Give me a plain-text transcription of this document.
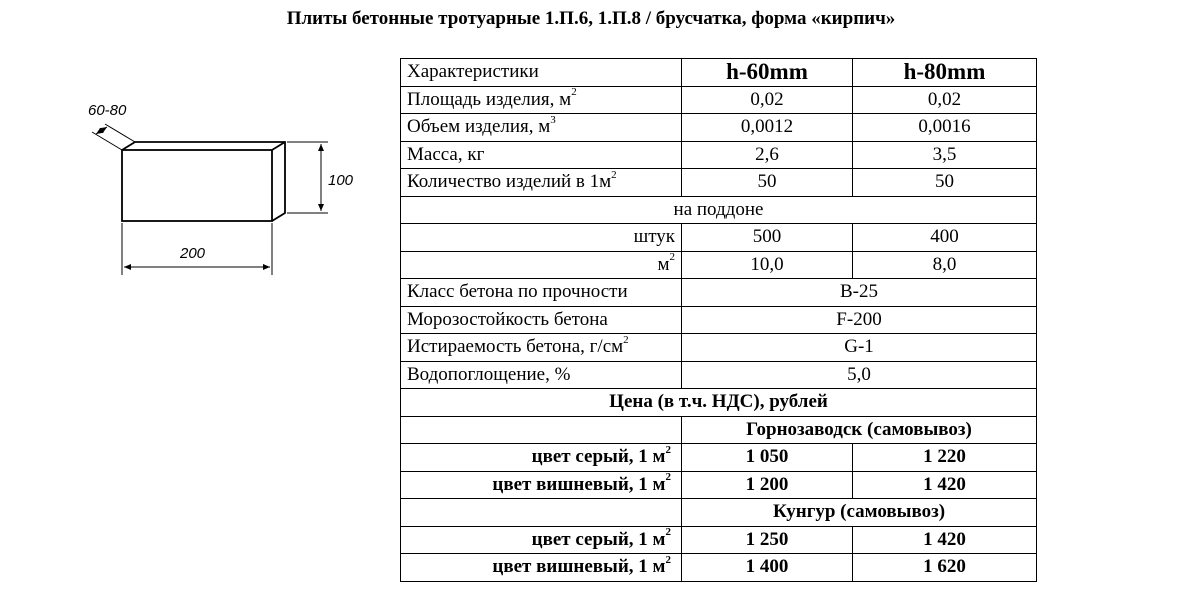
Плиты бетонные тротуарные 1.П.6, 1.П.8 / брусчатка, форма «кирпич»
60-80
100
200
Характеристики	h-60mm	h-80mm
Площадь изделия, $м^2$	0,02	0,02
Объем изделия, $м^3$	0,0012	0,0016
Масса, кг	2,6	3,5
Количество изделий в $1м^2$	50	50
на поддоне		
штук	500	400
$м^2$	10,0	8,0
Класс бетона по прочности	В-25	
Морозостойкость бетона	F-200	
Истираемость бетона, $г/см^2$	G-1	
Водопоглощение, %	5,0	
Цена (в т.ч. НДС), рублей		
	Горнозаводск (самовывоз)	
цвет серый, 1 $м^2$	1 050	1 220
цвет вишневый, 1 $м^2$	1 200	1 420
	Кунгур (самовывоз)	
цвет серый, 1 $м^2$	1 250	1 420
цвет вишневый, 1 $м^2$	1 400	1 620
